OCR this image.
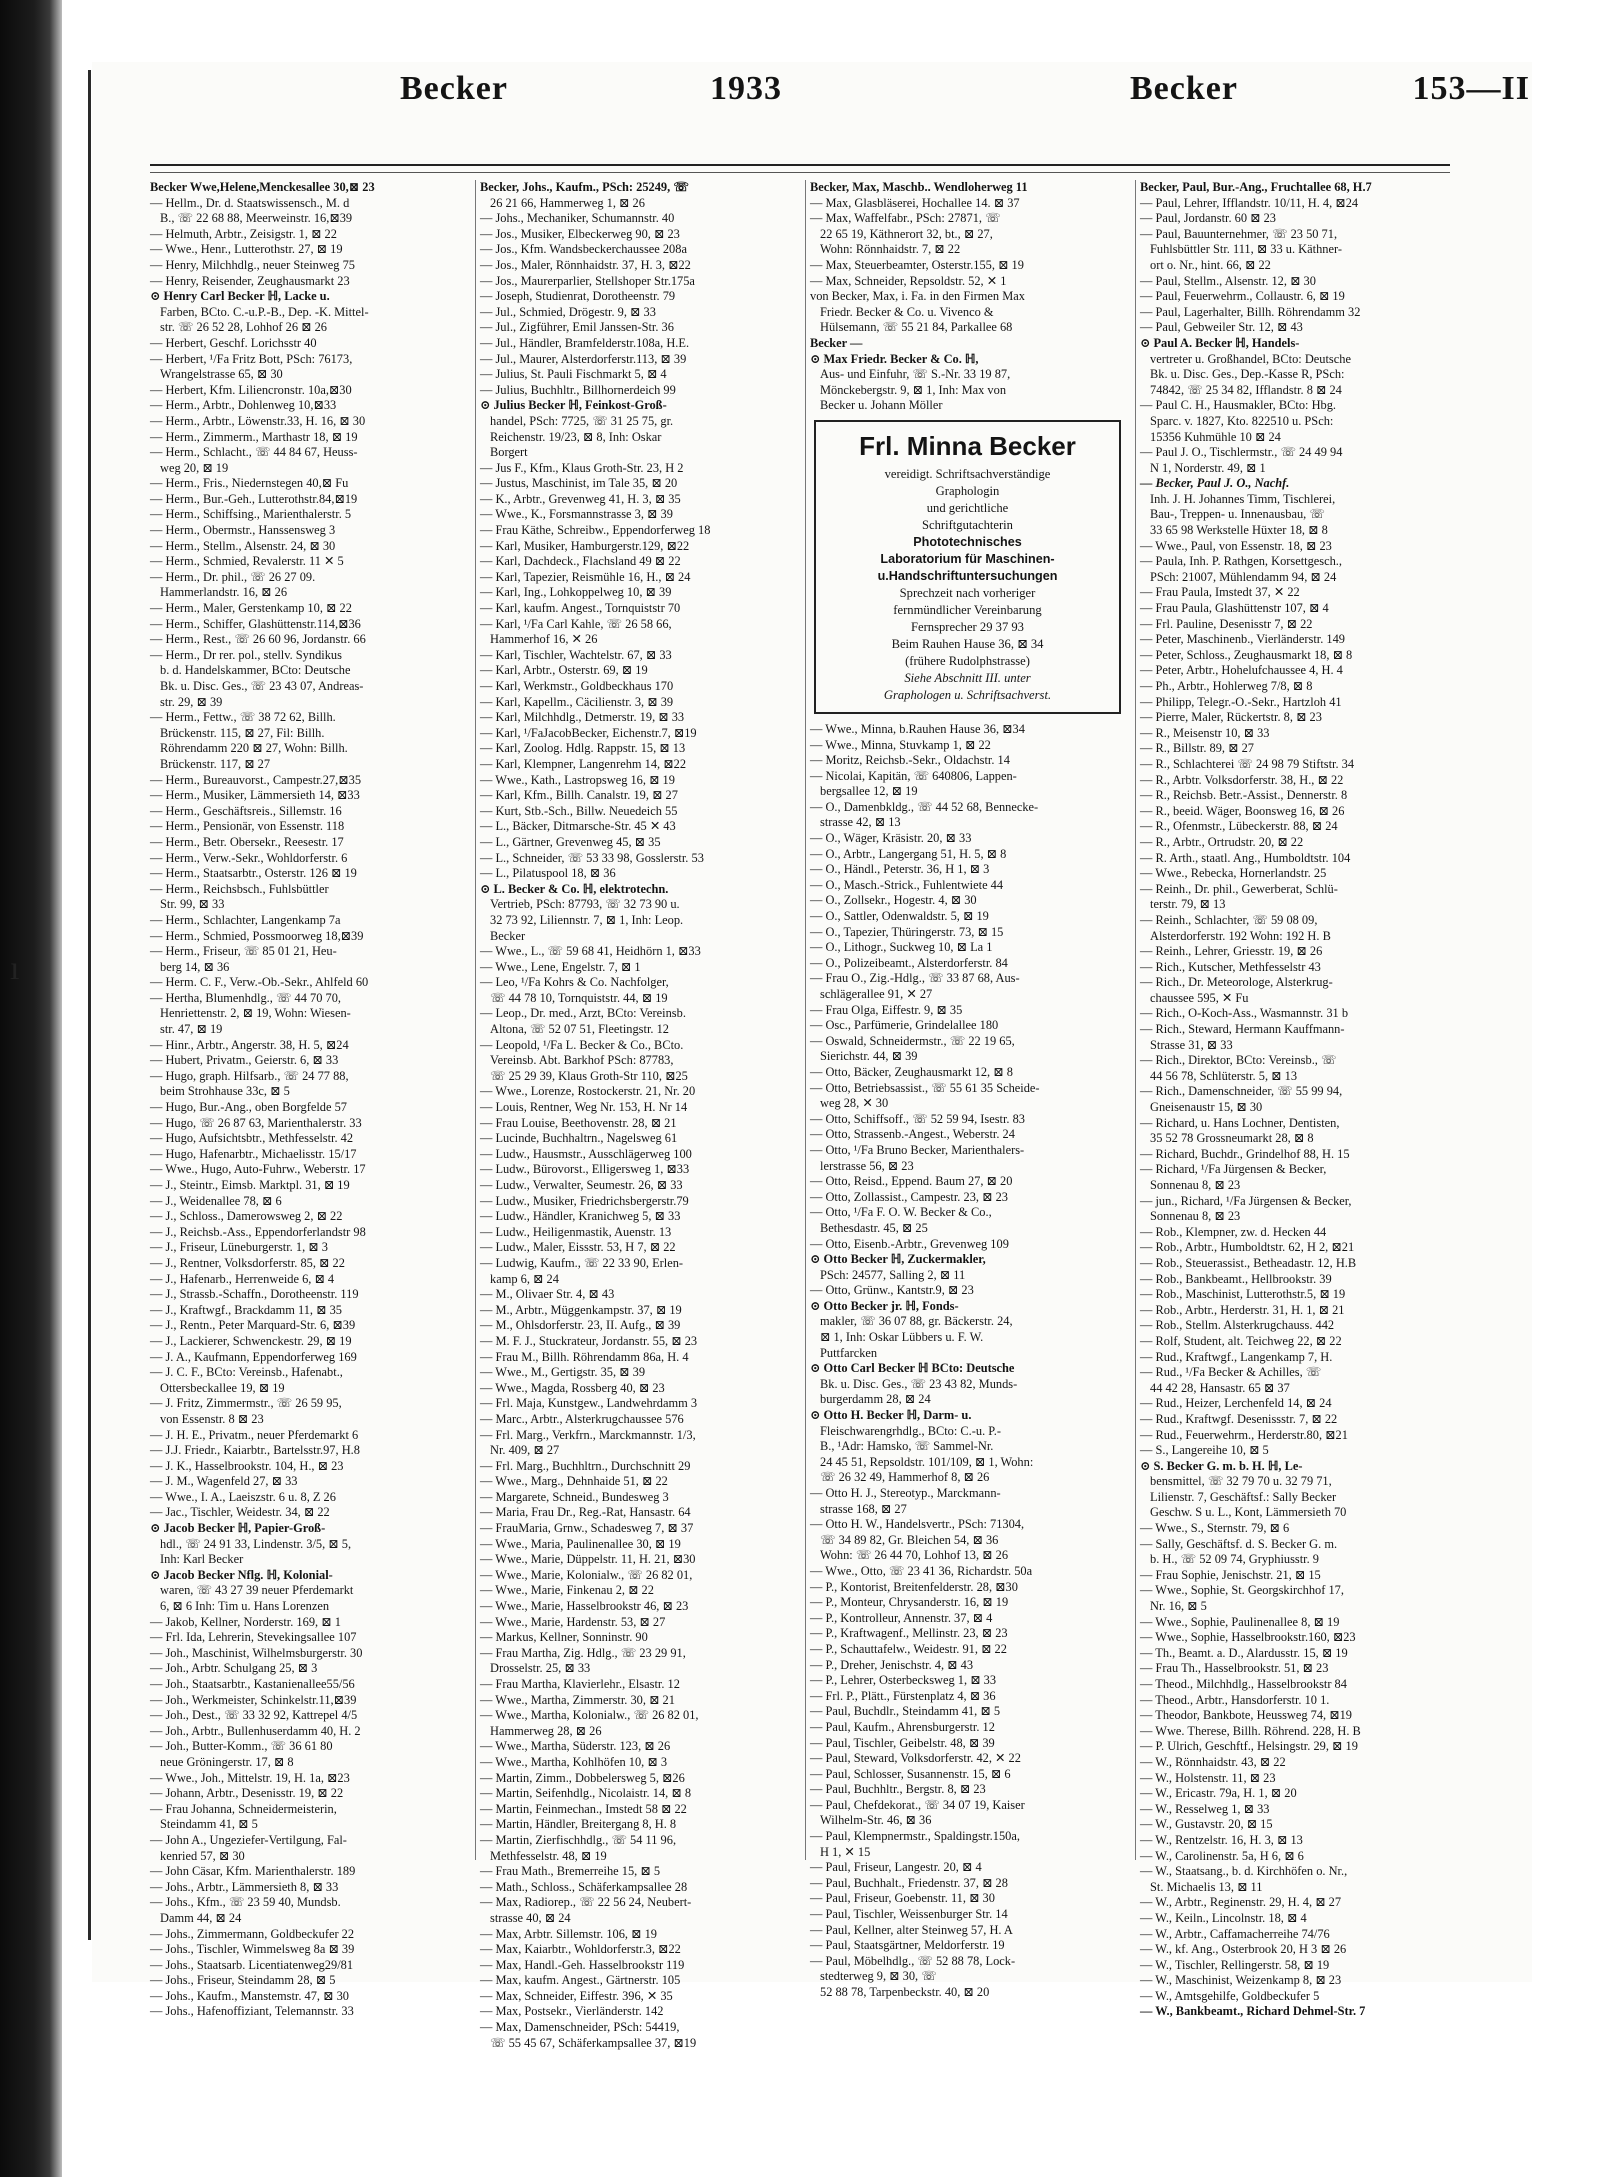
Becker	1933	Becker	153—II
Becker Wwe,Helene,Menckesallee 30,⊠ 23
— Hellm., Dr. d. Staatswissensch., M. d
B., ☏ 22 68 88, Meerweinstr. 16,⊠39
— Helmuth, Arbtr., Zeisigstr. 1, ⊠ 22
— Wwe., Henr., Lutterothstr. 27, ⊠ 19
— Henry, Milchhdlg., neuer Steinweg 75
— Henry, Reisender, Zeughausmarkt 23
⊙ Henry Carl Becker ℍ, Lacke u.
Farben, BCto. C.-u.P.-B., Dep. -K. Mittel-
str. ☏ 26 52 28, Lohhof 26 ⊠ 26
— Herbert, Geschf. Lorichsstr 40
— Herbert, ¹/Fa Fritz Bott, PSch: 76173,
Wrangelstrasse 65, ⊠ 30
— Herbert, Kfm. Liliencronstr. 10a,⊠30
— Herm., Arbtr., Dohlenweg 10,⊠33
— Herm., Arbtr., Löwenstr.33, H. 16, ⊠ 30
— Herm., Zimmerm., Marthastr 18, ⊠ 19
— Herm., Schlacht., ☏ 44 84 67, Heuss-
weg 20, ⊠ 19
— Herm., Fris., Niedernstegen 40,⊠ Fu
— Herm., Bur.-Geh., Lutterothstr.84,⊠19
— Herm., Schiffsing., Marienthalerstr. 5
— Herm., Obermstr., Hanssensweg 3
— Herm., Stellm., Alsenstr. 24, ⊠ 30
— Herm., Schmied, Revalerstr. 11 ✕ 5
— Herm., Dr. phil., ☏ 26 27 09.
Hammerlandstr. 16, ⊠ 26
— Herm., Maler, Gerstenkamp 10, ⊠ 22
— Herm., Schiffer, Glashüttenstr.114,⊠36
— Herm., Rest., ☏ 26 60 96, Jordanstr. 66
— Herm., Dr rer. pol., stellv. Syndikus
b. d. Handelskammer, BCto: Deutsche
Bk. u. Disc. Ges., ☏ 23 43 07, Andreas-
str. 29, ⊠ 39
— Herm., Fettw., ☏ 38 72 62, Billh.
Brückenstr. 115, ⊠ 27, Fil: Billh.
Röhrendamm 220 ⊠ 27, Wohn: Billh.
Brückenstr. 117, ⊠ 27
— Herm., Bureauvorst., Campestr.27,⊠35
— Herm., Musiker, Lämmersieth 14, ⊠33
— Herm., Geschäftsreis., Sillemstr. 16
— Herm., Pensionär, von Essenstr. 118
— Herm., Betr. Obersekr., Reesestr. 17
— Herm., Verw.-Sekr., Wohldorferstr. 6
— Herm., Staatsarbtr., Osterstr. 126 ⊠ 19
— Herm., Reichsbsch., Fuhlsbüttler
Str. 99, ⊠ 33
— Herm., Schlachter, Langenkamp 7a
— Herm., Schmied, Possmoorweg 18,⊠39
— Herm., Friseur, ☏ 85 01 21, Heu-
berg 14, ⊠ 36
— Herm. C. F., Verw.-Ob.-Sekr., Ahlfeld 60
— Hertha, Blumenhdlg., ☏ 44 70 70,
Henriettenstr. 2, ⊠ 19, Wohn: Wiesen-
str. 47, ⊠ 19
— Hinr., Arbtr., Angerstr. 38, H. 5, ⊠24
— Hubert, Privatm., Geierstr. 6, ⊠ 33
— Hugo, graph. Hilfsarb., ☏ 24 77 88,
beim Strohhause 33c, ⊠ 5
— Hugo, Bur.-Ang., oben Borgfelde 57
— Hugo, ☏ 26 87 63, Marienthalerstr. 33
— Hugo, Aufsichtsbtr., Methfesselstr. 42
— Hugo, Hafenarbtr., Michaelisstr. 15/17
— Wwe., Hugo, Auto-Fuhrw., Weberstr. 17
— J., Steintr., Eimsb. Marktpl. 31, ⊠ 19
— J., Weidenallee 78, ⊠ 6
— J., Schloss., Damerowsweg 2, ⊠ 22
— J., Reichsb.-Ass., Eppendorferlandstr 98
— J., Friseur, Lüneburgerstr. 1, ⊠ 3
— J., Rentner, Volksdorferstr. 85, ⊠ 22
— J., Hafenarb., Herrenweide 6, ⊠ 4
— J., Strassb.-Schaffn., Dorotheenstr. 119
— J., Kraftwgf., Brackdamm 11, ⊠ 35
— J., Rentn., Peter Marquard-Str. 6, ⊠39
— J., Lackierer, Schwenckestr. 29, ⊠ 19
— J. A., Kaufmann, Eppendorferweg 169
— J. C. F., BCto: Vereinsb., Hafenabt.,
Ottersbeckallee 19, ⊠ 19
— J. Fritz, Zimmermstr., ☏ 26 59 95,
von Essenstr. 8 ⊠ 23
— J. H. E., Privatm., neuer Pferdemarkt 6
— J.J. Friedr., Kaiarbtr., Bartelsstr.97, H.8
— J. K., Hasselbrookstr. 104, H., ⊠ 23
— J. M., Wagenfeld 27, ⊠ 33
— Wwe., I. A., Laeiszstr. 6 u. 8, Z 26
— Jac., Tischler, Weidestr. 34, ⊠ 22
⊙ Jacob Becker ℍ, Papier-Groß-
hdl., ☏ 24 91 33, Lindenstr. 3/5, ⊠ 5,
Inh: Karl Becker
⊙ Jacob Becker Nflg. ℍ, Kolonial-
waren, ☏ 43 27 39 neuer Pferdemarkt
6, ⊠ 6 Inh: Tim u. Hans Lorenzen
— Jakob, Kellner, Norderstr. 169, ⊠ 1
— Frl. Ida, Lehrerin, Stevekingsallee 107
— Joh., Maschinist, Wilhelmsburgerstr. 30
— Joh., Arbtr. Schulgang 25, ⊠ 3
— Joh., Staatsarbtr., Kastanienallee55/56
— Joh., Werkmeister, Schinkelstr.11,⊠39
— Joh., Dest., ☏ 33 32 92, Kattrepel 4/5
— Joh., Arbtr., Bullenhuserdamm 40, H. 2
— Joh., Butter-Komm., ☏ 36 61 80
neue Gröningerstr. 17, ⊠ 8
— Wwe., Joh., Mittelstr. 19, H. 1a, ⊠23
— Johann, Arbtr., Desenisstr. 19, ⊠ 22
— Frau Johanna, Schneidermeisterin,
Steindamm 41, ⊠ 5
— John A., Ungeziefer-Vertilgung, Fal-
kenried 57, ⊠ 30
— John Cäsar, Kfm. Marienthalerstr. 189
— Johs., Arbtr., Lämmersieth 8, ⊠ 33
— Johs., Kfm., ☏ 23 59 40, Mundsb.
Damm 44, ⊠ 24
— Johs., Zimmermann, Goldbeckufer 22
— Johs., Tischler, Wimmelsweg 8a ⊠ 39
— Johs., Staatsarb. Licentiatenweg29/81
— Johs., Friseur, Steindamm 28, ⊠ 5
— Johs., Kaufm., Manstemstr. 47, ⊠ 30
— Johs., Hafenoffiziant, Telemannstr. 33
Becker, Johs., Kaufm., PSch: 25249, ☏
26 21 66, Hammerweg 1, ⊠ 26
— Johs., Mechaniker, Schumannstr. 40
— Jos., Musiker, Elbeckerweg 90, ⊠ 23
— Jos., Kfm. Wandsbeckerchaussee 208a
— Jos., Maler, Rönnhaidstr. 37, H. 3, ⊠22
— Jos., Maurerparlier, Stellshoper Str.175a
— Joseph, Studienrat, Dorotheenstr. 79
— Jul., Schmied, Drögestr. 9, ⊠ 33
— Jul., Zigführer, Emil Janssen-Str. 36
— Jul., Händler, Bramfelderstr.108a, H.E.
— Jul., Maurer, Alsterdorferstr.113, ⊠ 39
— Julius, St. Pauli Fischmarkt 5, ⊠ 4
— Julius, Buchhltr., Billhornerdeich 99
⊙ Julius Becker ℍ, Feinkost-Groß-
handel, PSch: 7725, ☏ 31 25 75, gr.
Reichenstr. 19/23, ⊠ 8, Inh: Oskar
Borgert
— Jus F., Kfm., Klaus Groth-Str. 23, H 2
— Justus, Maschinist, im Tale 35, ⊠ 20
— K., Arbtr., Grevenweg 41, H. 3, ⊠ 35
— Wwe., K., Forsmannstrasse 3, ⊠ 39
— Frau Käthe, Schreibw., Eppendorferweg 18
— Karl, Musiker, Hamburgerstr.129, ⊠22
— Karl, Dachdeck., Flachsland 49 ⊠ 22
— Karl, Tapezier, Reismühle 16, H., ⊠ 24
— Karl, Ing., Lohkoppelweg 10, ⊠ 39
— Karl, kaufm. Angest., Tornquiststr 70
— Karl, ¹/Fa Carl Kahle, ☏ 26 58 66,
Hammerhof 16, ✕ 26
— Karl, Tischler, Wachtelstr. 67, ⊠ 33
— Karl, Arbtr., Osterstr. 69, ⊠ 19
— Karl, Werkmstr., Goldbeckhaus 170
— Karl, Kapellm., Cäcilienstr. 3, ⊠ 39
— Karl, Milchhdlg., Detmerstr. 19, ⊠ 33
— Karl, ¹/FaJacobBecker, Eichenstr.7, ⊠19
— Karl, Zoolog. Hdlg. Rappstr. 15, ⊠ 13
— Karl, Klempner, Langenrehm 14, ⊠22
— Wwe., Kath., Lastropsweg 16, ⊠ 19
— Karl, Kfm., Billh. Canalstr. 19, ⊠ 27
— Kurt, Stb.-Sch., Billw. Neuedeich 55
— L., Bäcker, Ditmarsche-Str. 45 ✕ 43
— L., Gärtner, Grevenweg 45, ⊠ 35
— L., Schneider, ☏ 53 33 98, Gosslerstr. 53
— L., Pilatuspool 18, ⊠ 36
⊙ L. Becker & Co. ℍ, elektrotechn.
Vertrieb, PSch: 87793, ☏ 32 73 90 u.
32 73 92, Liliennstr. 7, ⊠ 1, Inh: Leop.
Becker
— Wwe., L., ☏ 59 68 41, Heidhörn 1, ⊠33
— Wwe., Lene, Engelstr. 7, ⊠ 1
— Leo, ¹/Fa Kohrs & Co. Nachfolger,
☏ 44 78 10, Tornquiststr. 44, ⊠ 19
— Leop., Dr. med., Arzt, BCto: Vereinsb.
Altona, ☏ 52 07 51, Fleetingstr. 12
— Leopold, ¹/Fa L. Becker & Co., BCto.
Vereinsb. Abt. Barkhof PSch: 87783,
☏ 25 29 39, Klaus Groth-Str 110, ⊠25
— Wwe., Lorenze, Rostockerstr. 21, Nr. 20
— Louis, Rentner, Weg Nr. 153, H. Nr 14
— Frau Louise, Beethovenstr. 28, ⊠ 21
— Lucinde, Buchhaltrn., Nagelsweg 61
— Ludw., Hausmstr., Ausschlägerweg 100
— Ludw., Bürovorst., Elligersweg 1, ⊠33
— Ludw., Verwalter, Seumestr. 26, ⊠ 33
— Ludw., Musiker, Friedrichsbergerstr.79
— Ludw., Händler, Kranichweg 5, ⊠ 33
— Ludw., Heiligenmastik, Auenstr. 13
— Ludw., Maler, Eissstr. 53, H 7, ⊠ 22
— Ludwig, Kaufm., ☏ 22 33 90, Erlen-
kamp 6, ⊠ 24
— M., Olivaer Str. 4, ⊠ 43
— M., Arbtr., Müggenkampstr. 37, ⊠ 19
— M., Ohlsdorferstr. 23, II. Aufg., ⊠ 39
— M. F. J., Stuckrateur, Jordanstr. 55, ⊠ 23
— Frau M., Billh. Röhrendamm 86a, H. 4
— Wwe., M., Gertigstr. 35, ⊠ 39
— Wwe., Magda, Rossberg 40, ⊠ 23
— Frl. Maja, Kunstgew., Landwehrdamm 3
— Marc., Arbtr., Alsterkrugchaussee 576
— Frl. Marg., Verkfrn., Marckmannstr. 1/3,
Nr. 409, ⊠ 27
— Frl. Marg., Buchhltrn., Durchschnitt 29
— Wwe., Marg., Dehnhaide 51, ⊠ 22
— Margarete, Schneid., Bundesweg 3
— Maria, Frau Dr., Reg.-Rat, Hansastr. 64
— FrauMaria, Grnw., Schadesweg 7, ⊠ 37
— Wwe., Maria, Paulinenallee 30, ⊠ 19
— Wwe., Marie, Düppelstr. 11, H. 21, ⊠30
— Wwe., Marie, Kolonialw., ☏ 26 82 01,
— Wwe., Marie, Finkenau 2, ⊠ 22
— Wwe., Marie, Hasselbrookstr 46, ⊠ 23
— Wwe., Marie, Hardenstr. 53, ⊠ 27
— Markus, Kellner, Sonninstr. 90
— Frau Martha, Zig. Hdlg., ☏ 23 29 91,
Drosselstr. 25, ⊠ 33
— Frau Martha, Klavierlehr., Elsastr. 12
— Wwe., Martha, Zimmerstr. 30, ⊠ 21
— Wwe., Martha, Kolonialw., ☏ 26 82 01,
Hammerweg 28, ⊠ 26
— Wwe., Martha, Süderstr. 123, ⊠ 26
— Wwe., Martha, Kohlhöfen 10, ⊠ 3
— Martin, Zimm., Dobbelersweg 5, ⊠26
— Martin, Seifenhdlg., Nicolaistr. 14, ⊠ 8
— Martin, Feinmechan., Imstedt 58 ⊠ 22
— Martin, Händler, Breitergang 8, H. 8
— Martin, Zierfischhdlg., ☏ 54 11 96,
Methfesselstr. 48, ⊠ 19
— Frau Math., Bremerreihe 15, ⊠ 5
— Math., Schloss., Schäferkampsallee 28
— Max, Radiorep., ☏ 22 56 24, Neubert-
strasse 40, ⊠ 24
— Max, Arbtr. Sillemstr. 106, ⊠ 19
— Max, Kaiarbtr., Wohldorferstr.3, ⊠22
— Max, Handl.-Geh. Hasselbrookstr 119
— Max, kaufm. Angest., Gärtnerstr. 105
— Max, Schneider, Eiffestr. 396, ✕ 35
— Max, Postsekr., Vierländerstr. 142
— Max, Damenschneider, PSch: 54419,
☏ 55 45 67, Schäferkampsallee 37, ⊠19
Becker, Max, Maschb.. Wendloherweg 11
— Max, Glasbläserei, Hochallee 14. ⊠ 37
— Max, Waffelfabr., PSch: 27871, ☏
22 65 19, Käthnerort 32, bt., ⊠ 27,
Wohn: Rönnhaidstr. 7, ⊠ 22
— Max, Steuerbeamter, Osterstr.155, ⊠ 19
— Max, Schneider, Repsoldstr. 52, ✕ 1
von Becker, Max, i. Fa. in den Firmen Max
Friedr. Becker & Co. u. Vivenco &
Hülsemann, ☏ 55 21 84, Parkallee 68
Becker —
⊙ Max Friedr. Becker & Co. ℍ,
Aus- und Einfuhr, ☏ S.-Nr. 33 19 87,
Mönckebergstr. 9, ⊠ 1, Inh: Max von
Becker u. Johann Möller
Frl. Minna Becker
vereidigt. Schriftsachverständige
Graphologin
und gerichtliche
Schriftgutachterin
Phototechnisches
Laboratorium für Maschinen-
u.Handschriftuntersuchungen
Sprechzeit nach vorheriger
fernmündlicher Vereinbarung
Fernsprecher 29 37 93
Beim Rauhen Hause 36, ⊠ 34
(frühere Rudolphstrasse)
Siehe Abschnitt III. unter
Graphologen u. Schriftsachverst.
— Wwe., Minna, b.Rauhen Hause 36, ⊠34
— Wwe., Minna, Stuvkamp 1, ⊠ 22
— Moritz, Reichsb.-Sekr., Oldachstr. 14
— Nicolai, Kapitän, ☏ 640806, Lappen-
bergsallee 12, ⊠ 19
— O., Damenbkldg., ☏ 44 52 68, Bennecke-
strasse 42, ⊠ 13
— O., Wäger, Kräsistr. 20, ⊠ 33
— O., Arbtr., Langergang 51, H. 5, ⊠ 8
— O., Händl., Peterstr. 36, H 1, ⊠ 3
— O., Masch.-Strick., Fuhlentwiete 44
— O., Zollsekr., Hogestr. 4, ⊠ 30
— O., Sattler, Odenwaldstr. 5, ⊠ 19
— O., Tapezier, Thüringerstr. 73, ⊠ 15
— O., Lithogr., Suckweg 10, ⊠ La 1
— O., Polizeibeamt., Alsterdorferstr. 84
— Frau O., Zig.-Hdlg., ☏ 33 87 68, Aus-
schlägerallee 91, ✕ 27
— Frau Olga, Eiffestr. 9, ⊠ 35
— Osc., Parfümerie, Grindelallee 180
— Oswald, Schneidermstr., ☏ 22 19 65,
Sierichstr. 44, ⊠ 39
— Otto, Bäcker, Zeughausmarkt 12, ⊠ 8
— Otto, Betriebsassist., ☏ 55 61 35 Scheide-
weg 28, ✕ 30
— Otto, Schiffsoff., ☏ 52 59 94, Isestr. 83
— Otto, Strassenb.-Angest., Weberstr. 24
— Otto, ¹/Fa Bruno Becker, Marienthalers-
lerstrasse 56, ⊠ 23
— Otto, Reisd., Eppend. Baum 27, ⊠ 20
— Otto, Zollassist., Campestr. 23, ⊠ 23
— Otto, ¹/Fa F. O. W. Becker & Co.,
Bethesdastr. 45, ⊠ 25
— Otto, Eisenb.-Arbtr., Grevenweg 109
⊙ Otto Becker ℍ, Zuckermakler,
PSch: 24577, Salling 2, ⊠ 11
— Otto, Grünw., Kantstr.9, ⊠ 23
⊙ Otto Becker jr. ℍ, Fonds-
makler, ☏ 36 07 88, gr. Bäckerstr. 24,
⊠ 1, Inh: Oskar Lübbers u. F. W.
Puttfarcken
⊙ Otto Carl Becker ℍ BCto: Deutsche
Bk. u. Disc. Ges., ☏ 23 43 82, Munds-
burgerdamm 28, ⊠ 24
⊙ Otto H. Becker ℍ, Darm- u.
Fleischwarengrhdlg., BCto: C.-u. P.-
B., ¹Adr: Hamsko, ☏ Sammel-Nr.
24 45 51, Repsoldstr. 101/109, ⊠ 1, Wohn:
☏ 26 32 49, Hammerhof 8, ⊠ 26
— Otto H. J., Stereotyp., Marckmann-
strasse 168, ⊠ 27
— Otto H. W., Handelsvertr., PSch: 71304,
☏ 34 89 82, Gr. Bleichen 54, ⊠ 36
Wohn: ☏ 26 44 70, Lohhof 13, ⊠ 26
— Wwe., Otto, ☏ 23 41 36, Richardstr. 50a
— P., Kontorist, Breitenfelderstr. 28, ⊠30
— P., Monteur, Chrysanderstr. 16, ⊠ 19
— P., Kontrolleur, Annenstr. 37, ⊠ 4
— P., Kraftwagenf., Mellinstr. 23, ⊠ 23
— P., Schauttafelw., Weidestr. 91, ⊠ 22
— P., Dreher, Jenischstr. 4, ⊠ 43
— P., Lehrer, Osterbecksweg 1, ⊠ 33
— Frl. P., Plätt., Fürstenplatz 4, ⊠ 36
— Paul, Buchdlr., Steindamm 41, ⊠ 5
— Paul, Kaufm., Ahrensburgerstr. 12
— Paul, Tischler, Geibelstr. 48, ⊠ 39
— Paul, Steward, Volksdorferstr. 42, ✕ 22
— Paul, Schlosser, Susannenstr. 15, ⊠ 6
— Paul, Buchhltr., Bergstr. 8, ⊠ 23
— Paul, Chefdekorat., ☏ 34 07 19, Kaiser
Wilhelm-Str. 46, ⊠ 36
— Paul, Klempnermstr., Spaldingstr.150a,
H 1, ✕ 15
— Paul, Friseur, Langestr. 20, ⊠ 4
— Paul, Buchhalt., Friedenstr. 37, ⊠ 28
— Paul, Friseur, Goebenstr. 11, ⊠ 30
— Paul, Tischler, Weissenburger Str. 14
— Paul, Kellner, alter Steinweg 57, H. A
— Paul, Staatsgärtner, Meldorferstr. 19
— Paul, Möbelhdlg., ☏ 52 88 78, Lock-
stedterweg 9, ⊠ 30, ☏
52 88 78, Tarpenbeckstr. 40, ⊠ 20
Becker, Paul, Bur.-Ang., Fruchtallee 68, H.7
— Paul, Lehrer, Ifflandstr. 10/11, H. 4, ⊠24
— Paul, Jordanstr. 60 ⊠ 23
— Paul, Bauunternehmer, ☏ 23 50 71,
Fuhlsbüttler Str. 111, ⊠ 33 u. Käthner-
ort o. Nr., hint. 66, ⊠ 22
— Paul, Stellm., Alsenstr. 12, ⊠ 30
— Paul, Feuerwehrm., Collaustr. 6, ⊠ 19
— Paul, Lagerhalter, Billh. Röhrendamm 32
— Paul, Gebweiler Str. 12, ⊠ 43
⊙ Paul A. Becker ℍ, Handels-
vertreter u. Großhandel, BCto: Deutsche
Bk. u. Disc. Ges., Dep.-Kasse R, PSch:
74842, ☏ 25 34 82, Ifflandstr. 8 ⊠ 24
— Paul C. H., Hausmakler, BCto: Hbg.
Sparc. v. 1827, Kto. 822510 u. PSch:
15356 Kuhmühle 10 ⊠ 24
— Paul J. O., Tischlermstr., ☏ 24 49 94
N 1, Norderstr. 49, ⊠ 1
— Becker, Paul J. O., Nachf.
Inh. J. H. Johannes Timm, Tischlerei,
Bau-, Treppen- u. Innenausbau, ☏
33 65 98 Werkstelle Hüxter 18, ⊠ 8
— Wwe., Paul, von Essenstr. 18, ⊠ 23
— Paula, Inh. P. Rathgen, Korsettgesch.,
PSch: 21007, Mühlendamm 94, ⊠ 24
— Frau Paula, Imstedt 37, ✕ 22
— Frau Paula, Glashüttenstr 107, ⊠ 4
— Frl. Pauline, Desenisstr 7, ⊠ 22
— Peter, Maschinenb., Vierländerstr. 149
— Peter, Schloss., Zeughausmarkt 18, ⊠ 8
— Peter, Arbtr., Hohelufchaussee 4, H. 4
— Ph., Arbtr., Hohlerweg 7/8, ⊠ 8
— Philipp, Telegr.-O.-Sekr., Hartzloh 41
— Pierre, Maler, Rückertstr. 8, ⊠ 23
— R., Meisenstr 10, ⊠ 33
— R., Billstr. 89, ⊠ 27
— R., Schlachterei ☏ 24 98 79 Stiftstr. 34
— R., Arbtr. Volksdorferstr. 38, H., ⊠ 22
— R., Reichsb. Betr.-Assist., Dennerstr. 8
— R., beeid. Wäger, Boonsweg 16, ⊠ 26
— R., Ofenmstr., Lübeckerstr. 88, ⊠ 24
— R., Arbtr., Ortrudstr. 20, ⊠ 22
— R. Arth., staatl. Ang., Humboldtstr. 104
— Wwe., Rebecka, Hornerlandstr. 25
— Reinh., Dr. phil., Gewerberat, Schlü-
terstr. 79, ⊠ 13
— Reinh., Schlachter, ☏ 59 08 09,
Alsterdorferstr. 192 Wohn: 192 H. B
— Reinh., Lehrer, Griesstr. 19, ⊠ 26
— Rich., Kutscher, Methfesselstr 43
— Rich., Dr. Meteorologe, Alsterkrug-
chaussee 595, ✕ Fu
— Rich., O-Koch-Ass., Wasmannstr. 31 b
— Rich., Steward, Hermann Kauffmann-
Strasse 31, ⊠ 33
— Rich., Direktor, BCto: Vereinsb., ☏
44 56 78, Schlüterstr. 5, ⊠ 13
— Rich., Damenschneider, ☏ 55 99 94,
Gneisenaustr 15, ⊠ 30
— Richard, u. Hans Lochner, Dentisten,
35 52 78 Grossneumarkt 28, ⊠ 8
— Richard, Buchdr., Grindelhof 88, H. 15
— Richard, ¹/Fa Jürgensen & Becker,
Sonnenau 8, ⊠ 23
— jun., Richard, ¹/Fa Jürgensen & Becker,
Sonnenau 8, ⊠ 23
— Rob., Klempner, zw. d. Hecken 44
— Rob., Arbtr., Humboldtstr. 62, H 2, ⊠21
— Rob., Steuerassist., Betheadastr. 12, H.B
— Rob., Bankbeamt., Hellbrookstr. 39
— Rob., Maschinist, Lutterothstr.5, ⊠ 19
— Rob., Arbtr., Herderstr. 31, H. 1, ⊠ 21
— Rob., Stellm. Alsterkrugchauss. 442
— Rolf, Student, alt. Teichweg 22, ⊠ 22
— Rud., Kraftwgf., Langenkamp 7, H.
— Rud., ¹/Fa Becker & Achilles, ☏
44 42 28, Hansastr. 65 ⊠ 37
— Rud., Heizer, Lerchenfeld 14, ⊠ 24
— Rud., Kraftwgf. Desenissstr. 7, ⊠ 22
— Rud., Feuerwehrm., Herderstr.80, ⊠21
— S., Langereihe 10, ⊠ 5
⊙ S. Becker G. m. b. H. ℍ, Le-
bensmittel, ☏ 32 79 70 u. 32 79 71,
Lilienstr. 7, Geschäftsf.: Sally Becker
Geschw. S u. L., Kont, Lämmersieth 70
— Wwe., S., Sternstr. 79, ⊠ 6
— Sally, Geschäftsf. d. S. Becker G. m.
b. H., ☏ 52 09 74, Gryphiusstr. 9
— Frau Sophie, Jenischstr. 21, ⊠ 15
— Wwe., Sophie, St. Georgskirchhof 17,
Nr. 16, ⊠ 5
— Wwe., Sophie, Paulinenallee 8, ⊠ 19
— Wwe., Sophie, Hasselbrookstr.160, ⊠23
— Th., Beamt. a. D., Alardusstr. 15, ⊠ 19
— Frau Th., Hasselbrookstr. 51, ⊠ 23
— Theod., Milchhdlg., Hasselbrookstr 84
— Theod., Arbtr., Hansdorferstr. 10 1.
— Theodor, Bankbote, Heussweg 74, ⊠19
— Wwe. Therese, Billh. Röhrend. 228, H. B
— P. Ulrich, Geschftf., Helsingstr. 29, ⊠ 19
— W., Rönnhaidstr. 43, ⊠ 22
— W., Holstenstr. 11, ⊠ 23
— W., Ericastr. 79a, H. 1, ⊠ 20
— W., Resselweg 1, ⊠ 33
— W., Gustavstr. 20, ⊠ 15
— W., Rentzelstr. 16, H. 3, ⊠ 13
— W., Carolinenstr. 5a, H 6, ⊠ 6
— W., Staatsang., b. d. Kirchhöfen o. Nr.,
St. Michaelis 13, ⊠ 11
— W., Arbtr., Reginenstr. 29, H. 4, ⊠ 27
— W., Keiln., Lincolnstr. 18, ⊠ 4
— W., Arbtr., Caffamacherreihe 74/76
— W., kf. Ang., Osterbrook 20, H 3 ⊠ 26
— W., Tischler, Rellingerstr. 58, ⊠ 19
— W., Maschinist, Weizenkamp 8, ⊠ 23
— W., Amtsgehilfe, Goldbeckufer 5
— W., Bankbeamt., Richard Dehmel-Str. 7
ı
